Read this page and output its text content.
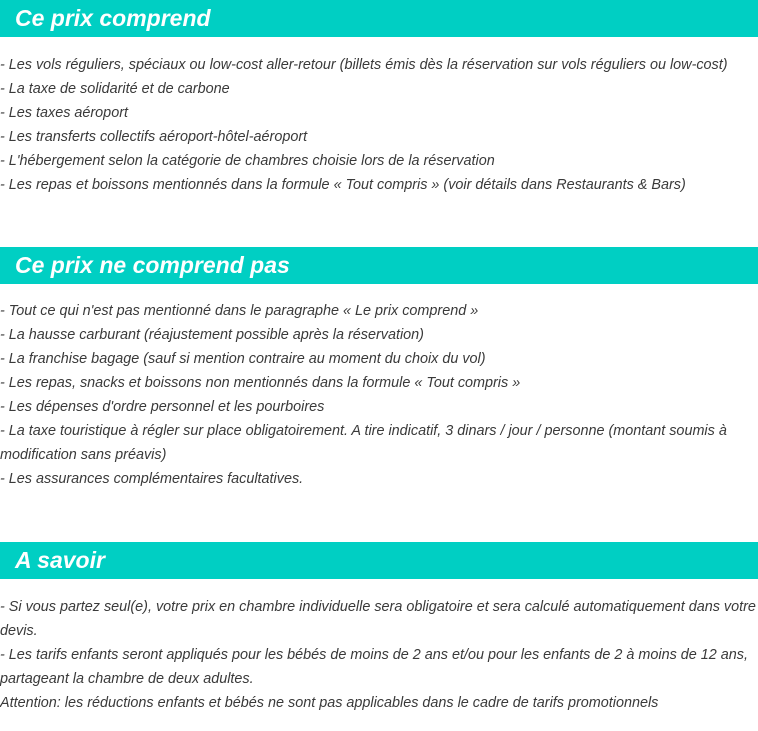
Ce prix comprend
- Les vols réguliers, spéciaux ou low-cost aller-retour (billets émis dès la réservation sur vols réguliers ou low-cost)
- La taxe de solidarité et de carbone
- Les taxes aéroport
- Les transferts collectifs aéroport-hôtel-aéroport
- L'hébergement selon la catégorie de chambres choisie lors de la réservation
- Les repas et boissons mentionnés dans la formule « Tout compris » (voir détails dans Restaurants & Bars)
Ce prix ne comprend pas
- Tout ce qui n'est pas mentionné dans le paragraphe « Le prix comprend »
- La hausse carburant (réajustement possible après la réservation)
- La franchise bagage (sauf si mention contraire au moment du choix du vol)
- Les repas, snacks et boissons non mentionnés dans la formule « Tout compris »
- Les dépenses d'ordre personnel et les pourboires
- La taxe touristique à régler sur place obligatoirement. A tire indicatif, 3 dinars / jour / personne (montant soumis à modification sans préavis)
- Les assurances complémentaires facultatives.
A savoir
- Si vous partez seul(e), votre prix en chambre individuelle sera obligatoire et sera calculé automatiquement dans votre devis.
- Les tarifs enfants seront appliqués pour les bébés de moins de 2 ans et/ou pour les enfants de 2 à moins de 12 ans, partageant la chambre de deux adultes.
Attention: les réductions enfants et bébés ne sont pas applicables dans le cadre de tarifs promotionnels
